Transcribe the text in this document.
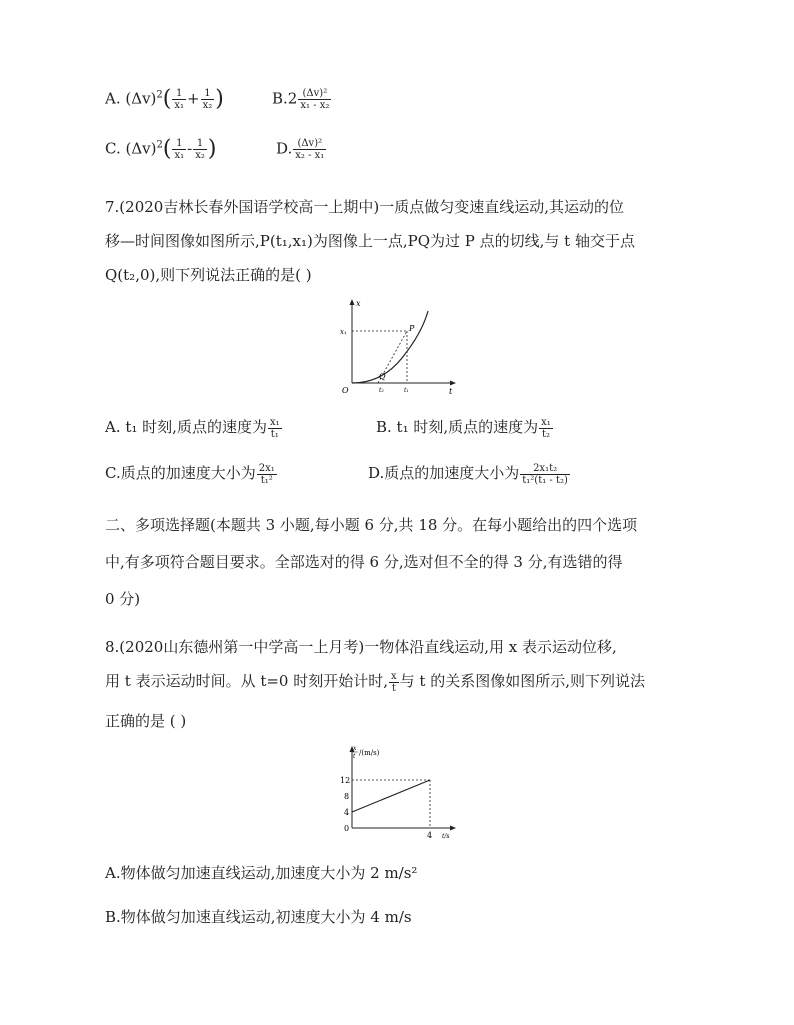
A. $(\Delta v)^2( \frac{1}{\text{x₁}} + \frac{1}{\text{x₂}}$ )	$B.2 \frac{\text{(Δv)²}}{\text{x₁ - x₂}}$
C. $(\Delta v)^2( \frac{1}{\text{x₁}} - \frac{1}{\text{x₂}}$ )	D. $\frac{\text{(Δv)²}}{\text{x₂ - x₁}}$
7.(2020吉林长春外国语学校高一上期中)一质点做匀变速直线运动,其运动的位
移—时间图像如图所示,P(t₁,x₁)为图像上一点,PQ为过 P 点的切线,与 t 轴交于点
Q(t₂,0),则下列说法正确的是( )
x
t
O
x₁	P
Q
t₂	t₁
A. t₁ 时刻,质点的速度为 $\frac{\text{x₁}}{\text{t₁}}$	B. t₁ 时刻,质点的速度为 $\frac{\text{x₁}}{\text{t₂}}$
C.质点的加速度大小为 $\frac{\text{2x₁}}{\text{t₁²}}$	D.质点的加速度大小为 $\frac{\text{2x₁t₂}}{\text{t₁²(t₁ - t₂)}}$
二、多项选择题(本题共 3 小题,每小题 6 分,共 18 分。在每小题给出的四个选项
中,有多项符合题目要求。全部选对的得 6 分,选对但不全的得 3 分,有选错的得
0 分)
8.(2020山东德州第一中学高一上月考)一物体沿直线运动,用 x 表示运动位移,
用 t 表示运动时间。从 t=0 时刻开始计时, $\frac{x}{t}$ 与 t 的关系图像如图所示,则下列说法
正确的是 ( )
x
t /(m/s)
12
8
4
0
4 t/s
A.物体做匀加速直线运动,加速度大小为 2 m/s²
B.物体做匀加速直线运动,初速度大小为 4 m/s
